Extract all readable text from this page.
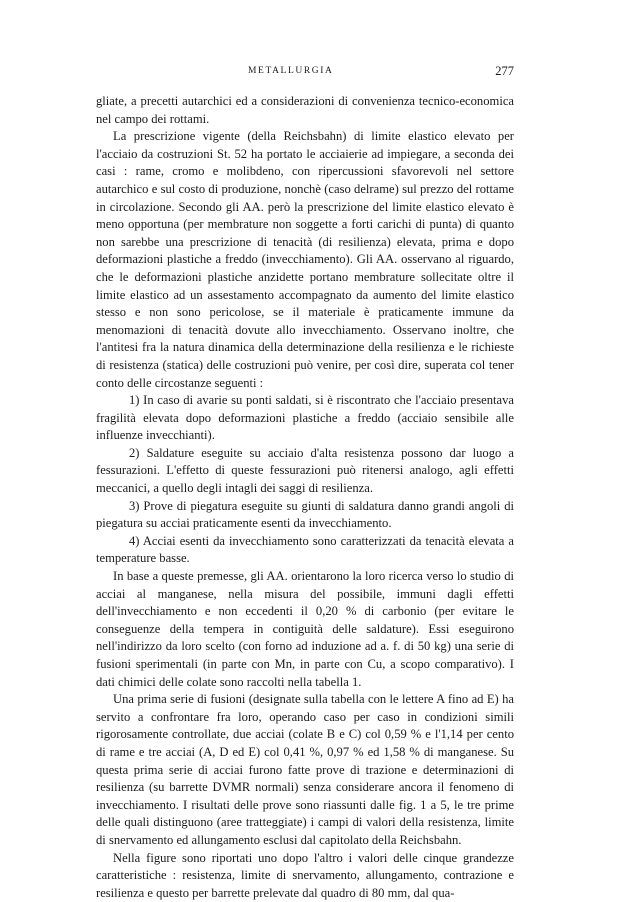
METALLURGIA	277

gliate, a precetti autarchici ed a considerazioni di convenienza tecnico-economica nel campo dei rottami.

La prescrizione vigente (della Reichsbahn) di limite elastico elevato per l'acciaio da costruzioni St. 52 ha portato le acciaierie ad impiegare, a seconda dei casi : rame, cromo e molibdeno, con ripercussioni sfavorevoli nel settore autarchico e sul costo di produzione, nonchè (caso delrame) sul prezzo del rottame in circolazione. Secondo gli AA. però la prescrizione del limite elastico elevato è meno opportuna (per membrature non soggette a forti carichi di punta) di quanto non sarebbe una prescrizione di tenacità (di resilienza) elevata, prima e dopo deformazioni plastiche a freddo (invecchiamento). Gli AA. osservano al riguardo, che le deformazioni plastiche anzidette portano membrature sollecitate oltre il limite elastico ad un assestamento accompagnato da aumento del limite elastico stesso e non sono pericolose, se il materiale è praticamente immune da menomazioni di tenacità dovute allo invecchiamento. Osservano inoltre, che l'antitesi fra la natura dinamica della determinazione della resilienza e le richieste di resistenza (statica) delle costruzioni può venire, per così dire, superata col tener conto delle circostanze seguenti :

1) In caso di avarie su ponti saldati, si è riscontrato che l'acciaio presentava fragilità elevata dopo deformazioni plastiche a freddo (acciaio sensibile alle influenze invecchianti).

2) Saldature eseguite su acciaio d'alta resistenza possono dar luogo a fessurazioni. L'effetto di queste fessurazioni può ritenersi analogo, agli effetti meccanici, a quello degli intagli dei saggi di resilienza.

3) Prove di piegatura eseguite su giunti di saldatura danno grandi angoli di piegatura su acciai praticamente esenti da invecchiamento.

4) Acciai esenti da invecchiamento sono caratterizzati da tenacità elevata a temperature basse.

In base a queste premesse, gli AA. orientarono la loro ricerca verso lo studio di acciai al manganese, nella misura del possibile, immuni dagli effetti dell'invecchiamento e non eccedenti il 0,20 % di carbonio (per evitare le conseguenze della tempera in contiguità delle saldature). Essi eseguirono nell'indirizzo da loro scelto (con forno ad induzione ad a. f. di 50 kg) una serie di fusioni sperimentali (in parte con Mn, in parte con Cu, a scopo comparativo). I dati chimici delle colate sono raccolti nella tabella 1.

Una prima serie di fusioni (designate sulla tabella con le lettere A fino ad E) ha servito a confrontare fra loro, operando caso per caso in condizioni simili rigorosamente controllate, due acciai (colate B e C) col 0,59 % e l'1,14 per cento di rame e tre acciai (A, D ed E) col 0,41 %, 0,97 % ed 1,58 % di manganese. Su questa prima serie di acciai furono fatte prove di trazione e determinazioni di resilienza (su barrette DVMR normali) senza considerare ancora il fenomeno di invecchiamento. I risultati delle prove sono riassunti dalle fig. 1 a 5, le tre prime delle quali distinguono (aree tratteggiate) i campi di valori della resistenza, limite di snervamento ed allungamento esclusi dal capitolato della Reichsbahn.

Nella figure sono riportati uno dopo l'altro i valori delle cinque grandezze caratteristiche : resistenza, limite di snervamento, allungamento, contrazione e resilienza e questo per barrette prelevate dal quadro di 80 mm, dal qua-
